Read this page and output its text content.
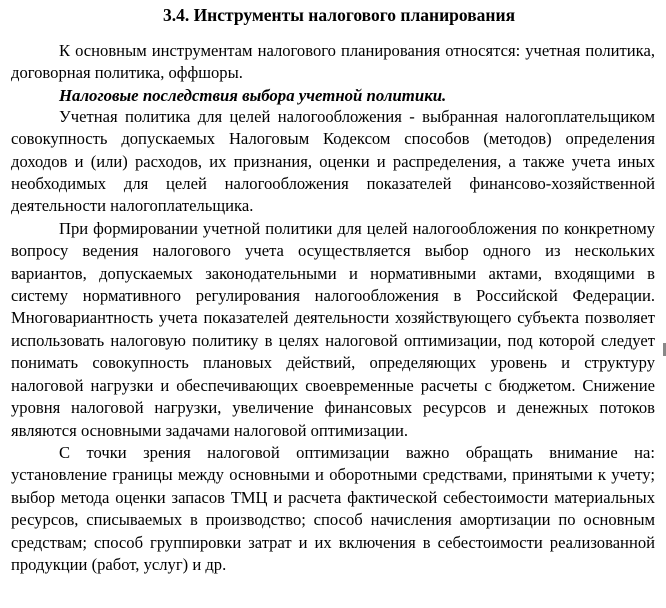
3.4. Инструменты налогового планирования

К основным инструментам налогового планирования относятся: учетная политика, договорная политика, оффшоры.

Налоговые последствия выбора учетной политики.

Учетная политика для целей налогообложения - выбранная налогоплательщиком совокупность допускаемых Налоговым Кодексом способов (методов) определения доходов и (или) расходов, их признания, оценки и распределения, а также учета иных необходимых для целей налогообложения показателей финансово-хозяйственной деятельности налогоплательщика.

При формировании учетной политики для целей налогообложения по конкретному вопросу ведения налогового учета осуществляется выбор одного из нескольких вариантов, допускаемых законодательными и нормативными актами, входящими в систему нормативного регулирования налогообложения в Российской Федерации. Многовариантность учета показателей деятельности хозяйствующего субъекта позволяет использовать налоговую политику в целях налоговой оптимизации, под которой следует понимать совокупность плановых действий, определяющих уровень и структуру налоговой нагрузки и обеспечивающих своевременные расчеты с бюджетом. Снижение уровня налоговой нагрузки, увеличение финансовых ресурсов и денежных потоков являются основными задачами налоговой оптимизации.

С точки зрения налоговой оптимизации важно обращать внимание на: установление границы между основными и оборотными средствами, принятыми к учету; выбор метода оценки запасов ТМЦ и расчета фактической себестоимости материальных ресурсов, списываемых в производство; способ начисления амортизации по основным средствам; способ группировки затрат и их включения в себестоимости реализованной продукции (работ, услуг) и др.
